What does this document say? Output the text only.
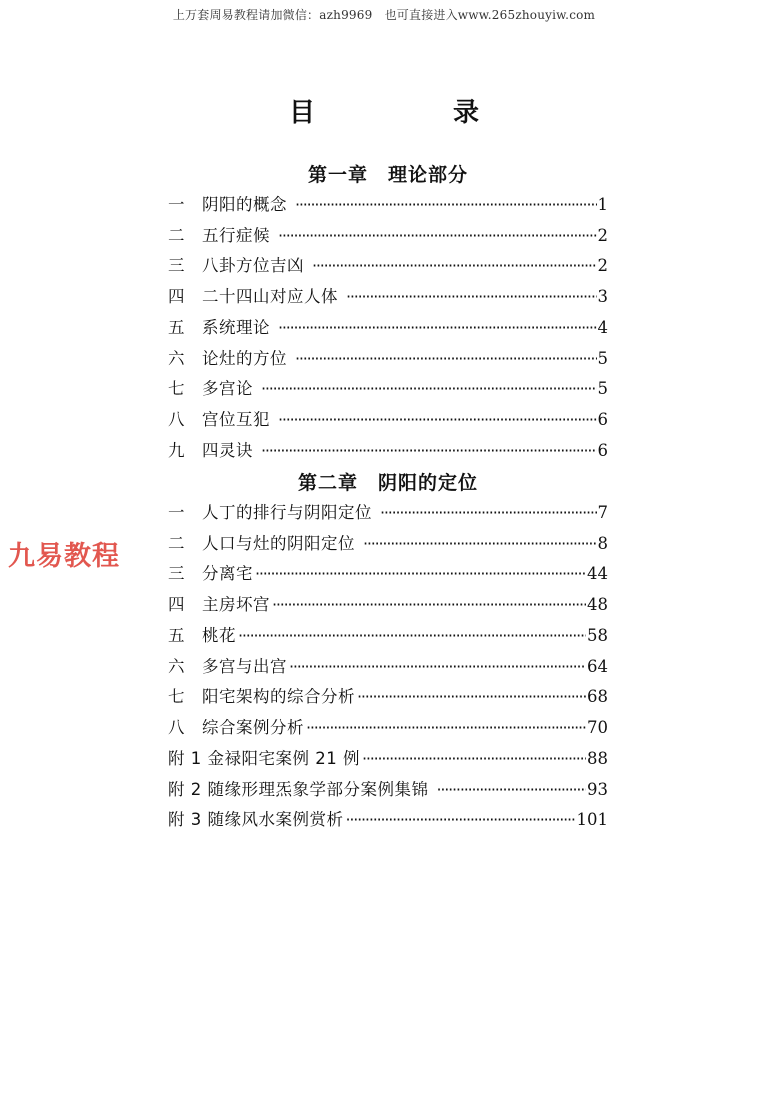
上万套周易教程请加微信：azh9969　也可直接进入www.265zhouyiw.com
目　录
第一章　理论部分
一　阴阳的概念 ·····	1
二　五行症候 ·····	2
三　八卦方位吉凶 ·····	2
四　二十四山对应人体 ·····	3
五　系统理论 ·····	4
六　论灶的方位 ·····	5
七　多宫论 ·····	5
八　宫位互犯 ·····	6
九　四灵诀 ·····	6
第二章　阴阳的定位
一　人丁的排行与阴阳定位 ·····	7
二　人口与灶的阴阳定位 ·····	8
三　分离宅 ·····	44
四　主房坏宫 ·····	48
五　桃花 ·····	58
六　多宫与出宫 ·····	64
七　阳宅架构的综合分析 ·····	68
八　综合案例分析 ·····	70
附 1 金禄阳宅案例 21 例 ·····	88
附 2 随缘形理炁象学部分案例集锦 ·····	93
附 3 随缘风水案例赏析 ·····	101
九易教程
